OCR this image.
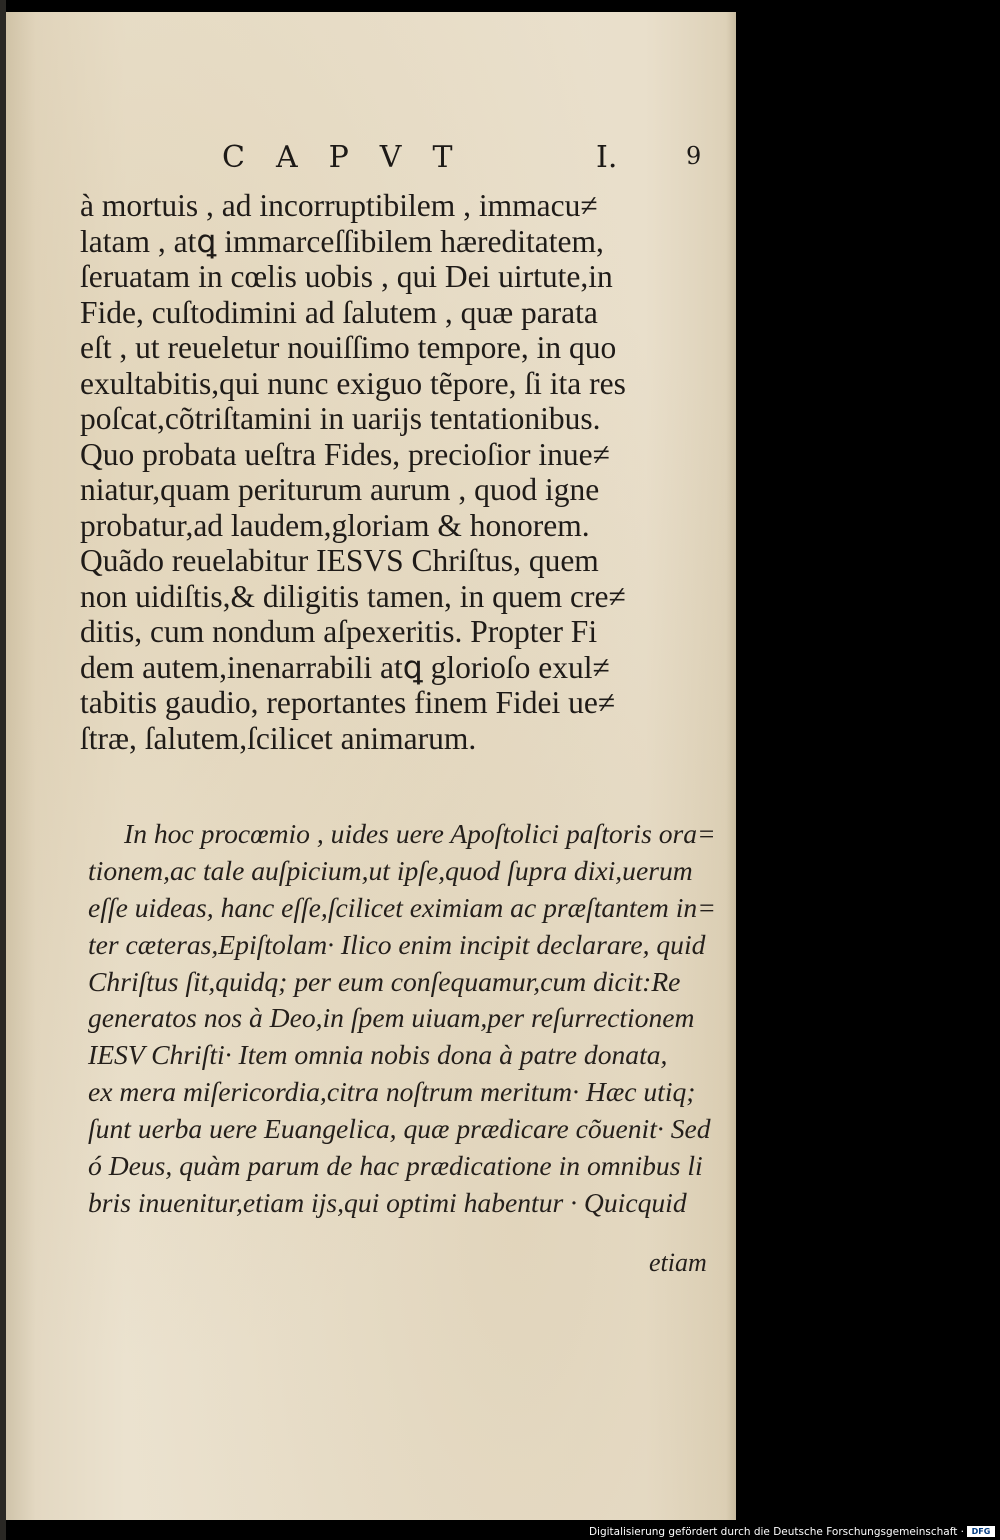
CAPVT	I.	9
à mortuis , ad incorruptibilem , immacu≠
latam , atꝗ immarceſſibilem hæreditatem,
ſeruatam in cœlis uobis , qui Dei uirtute,in
Fide, cuſtodimini ad ſalutem , quæ parata
eſt , ut reueletur nouiſſimo tempore, in quo
exultabitis,qui nunc exiguo tẽpore, ſi ita res
poſcat,cõtriſtamini in uarijs tentationibus.
Quo probata ueſtra Fides, precioſior inue≠
niatur,quam periturum aurum , quod igne
probatur,ad laudem,gloriam & honorem.
Quãdo reuelabitur IESVS Chriſtus, quem
non uidiſtis,& diligitis tamen, in quem cre≠
ditis, cum nondum aſpexeritis. Propter Fi
dem autem,inenarrabili atꝗ glorioſo exul≠
tabitis gaudio, reportantes finem Fidei ue≠
ſtræ, ſalutem,ſcilicet animarum.
In hoc procœmio , uides uere Apoſtolici paſtoris ora=
tionem,ac tale auſpicium,ut ipſe,quod ſupra dixi,uerum
eſſe uideas, hanc eſſe,ſcilicet eximiam ac præſtantem in=
ter cæteras,Epiſtolam· Ilico enim incipit declarare, quid
Chriſtus ſit,quidq; per eum conſequamur,cum dicit:Re
generatos nos à Deo,in ſpem uiuam,per reſurrectionem
IESV Chriſti· Item omnia nobis dona à patre donata,
ex mera miſericordia,citra noſtrum meritum· Hæc utiq;
ſunt uerba uere Euangelica, quæ prædicare cõuenit· Sed
ó Deus, quàm parum de hac prædicatione in omnibus li
bris inuenitur,etiam ijs,qui optimi habentur · Quicquid
etiam
Digitalisierung gefördert durch die Deutsche Forschungsgemeinschaft · DFG
